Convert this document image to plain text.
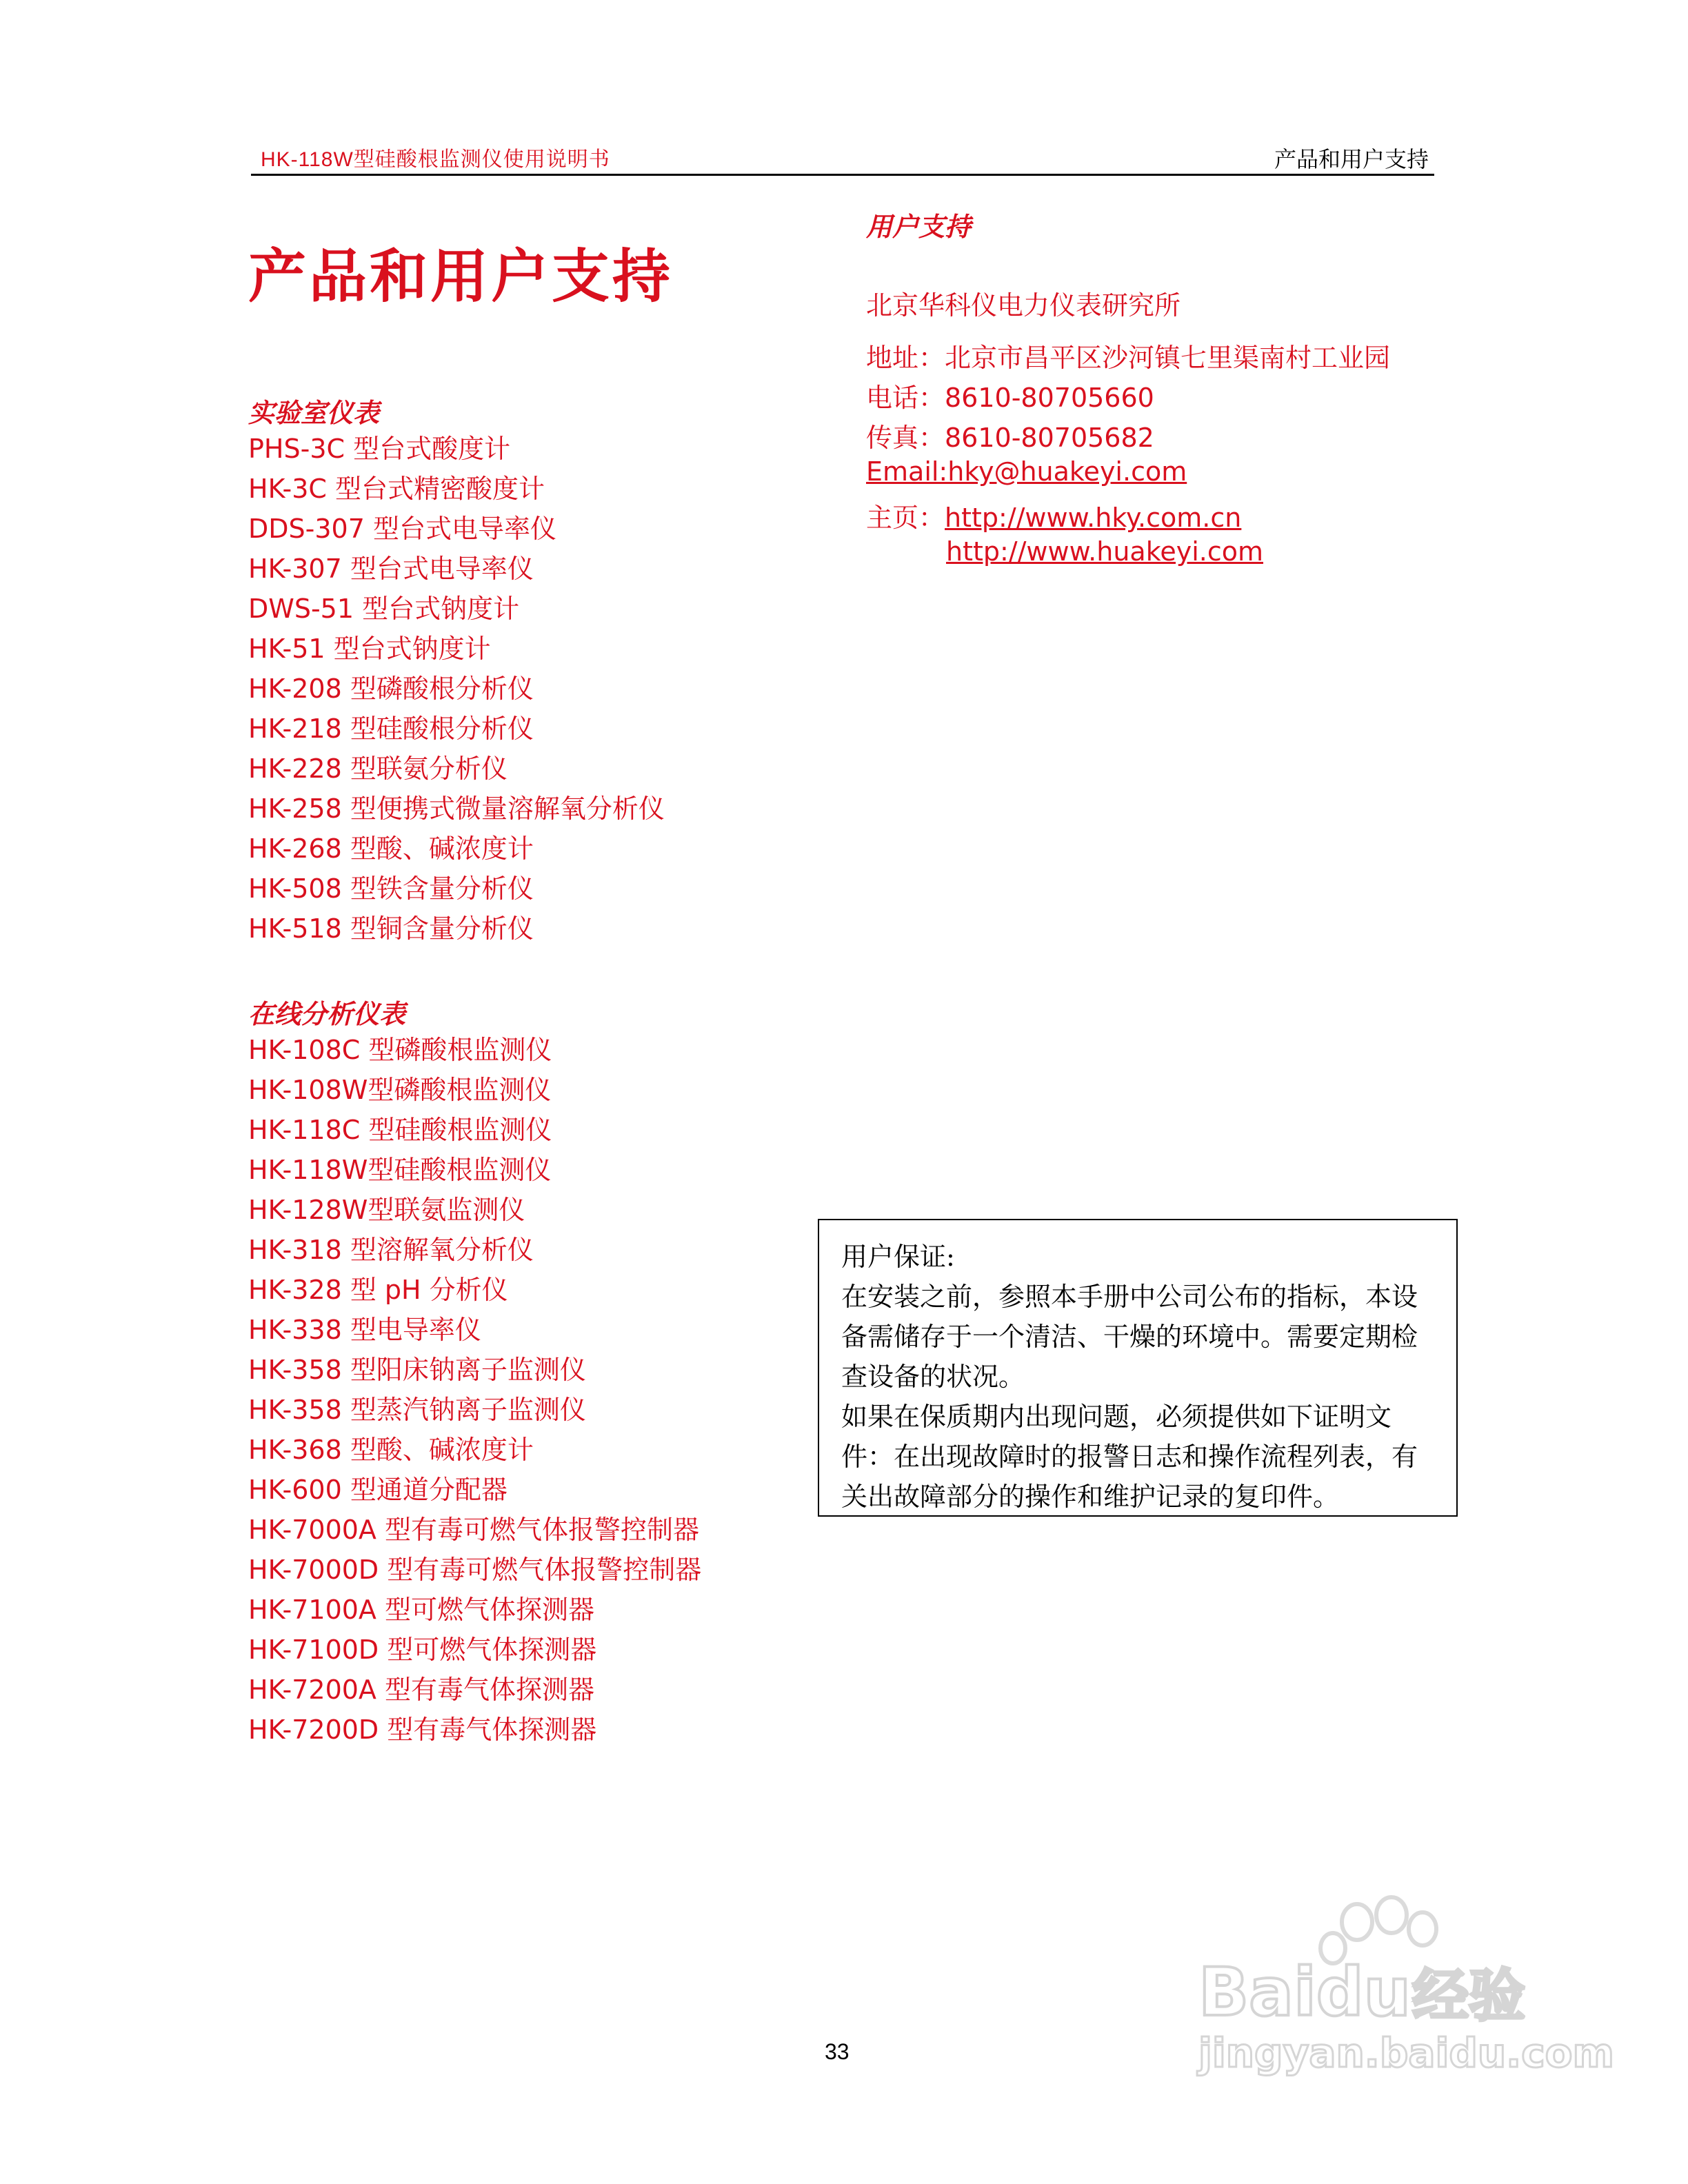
HK-118W型硅酸根监测仪使用说明书	产品和用户支持
产品和用户支持
实验室仪表
PHS-3C 型台式酸度计
HK-3C 型台式精密酸度计
DDS-307 型台式电导率仪
HK-307 型台式电导率仪
DWS-51 型台式钠度计
HK-51 型台式钠度计
HK-208 型磷酸根分析仪
HK-218 型硅酸根分析仪
HK-228 型联氨分析仪
HK-258 型便携式微量溶解氧分析仪
HK-268 型酸、碱浓度计
HK-508 型铁含量分析仪
HK-518 型铜含量分析仪
在线分析仪表
HK-108C 型磷酸根监测仪
HK-108W型磷酸根监测仪
HK-118C 型硅酸根监测仪
HK-118W型硅酸根监测仪
HK-128W型联氨监测仪
HK-318 型溶解氧分析仪
HK-328 型 pH 分析仪
HK-338 型电导率仪
HK-358 型阳床钠离子监测仪
HK-358 型蒸汽钠离子监测仪
HK-368 型酸、碱浓度计
HK-600 型通道分配器
HK-7000A 型有毒可燃气体报警控制器
HK-7000D 型有毒可燃气体报警控制器
HK-7100A 型可燃气体探测器
HK-7100D 型可燃气体探测器
HK-7200A 型有毒气体探测器
HK-7200D 型有毒气体探测器
用户支持
北京华科仪电力仪表研究所
地址：北京市昌平区沙河镇七里渠南村工业园
电话：8610-80705660
传真：8610-80705682
Email:hky@huakeyi.com
主页：http://www.hky.com.cn
http://www.huakeyi.com

用户保证:

在安装之前，参照本手册中公司公布的指标，本设备需储存于一个清洁、干燥的环境中。需要定期检查设备的状况。

如果在保质期内出现问题，必须提供如下证明文件：在出现故障时的报警日志和操作流程列表，有关出故障部分的操作和维护记录的复印件。

33
Baidu 经验
jingyan.baidu.com
